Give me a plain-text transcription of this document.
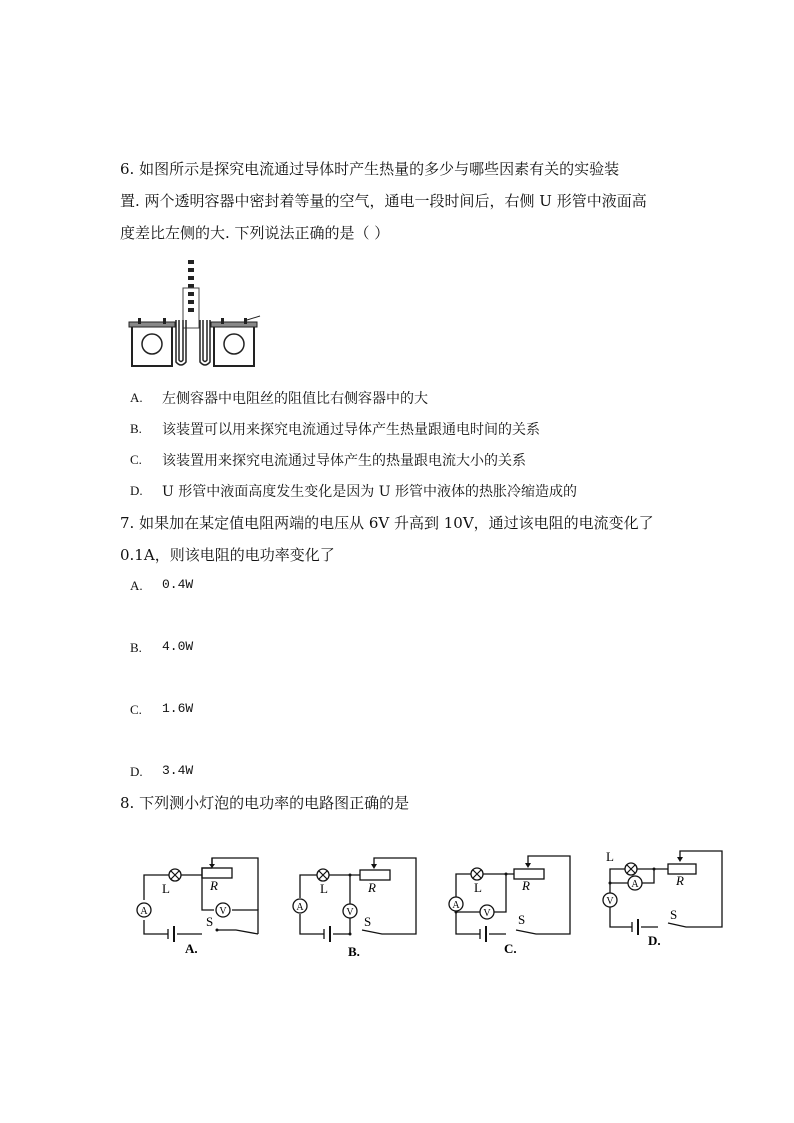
6. 如图所示是探究电流通过导体时产生热量的多少与哪些因素有关的实验装
置. 两个透明容器中密封着等量的空气，通电一段时间后，右侧 U 形管中液面高
度差比左侧的大. 下列说法正确的是（ ）
A. 左侧容器中电阻丝的阻值比右侧容器中的大
B. 该装置可以用来探究电流通过导体产生热量跟通电时间的关系
C. 该装置用来探究电流通过导体产生的热量跟电流大小的关系
D. U 形管中液面高度发生变化是因为 U 形管中液体的热胀冷缩造成的
7. 如果加在某定值电阻两端的电压从 6V 升高到 10V，通过该电阻的电流变化了
0.1A，则该电阻的电功率变化了
A. 0.4W
B. 4.0W
C. 1.6W
D. 3.4W
8. 下列测小灯泡的电功率的电路图正确的是
A	V
L	R
S
A.
A	V
L	R
S
B.
A
V
L	R
S
C.
A
V
L
R
S
D.
